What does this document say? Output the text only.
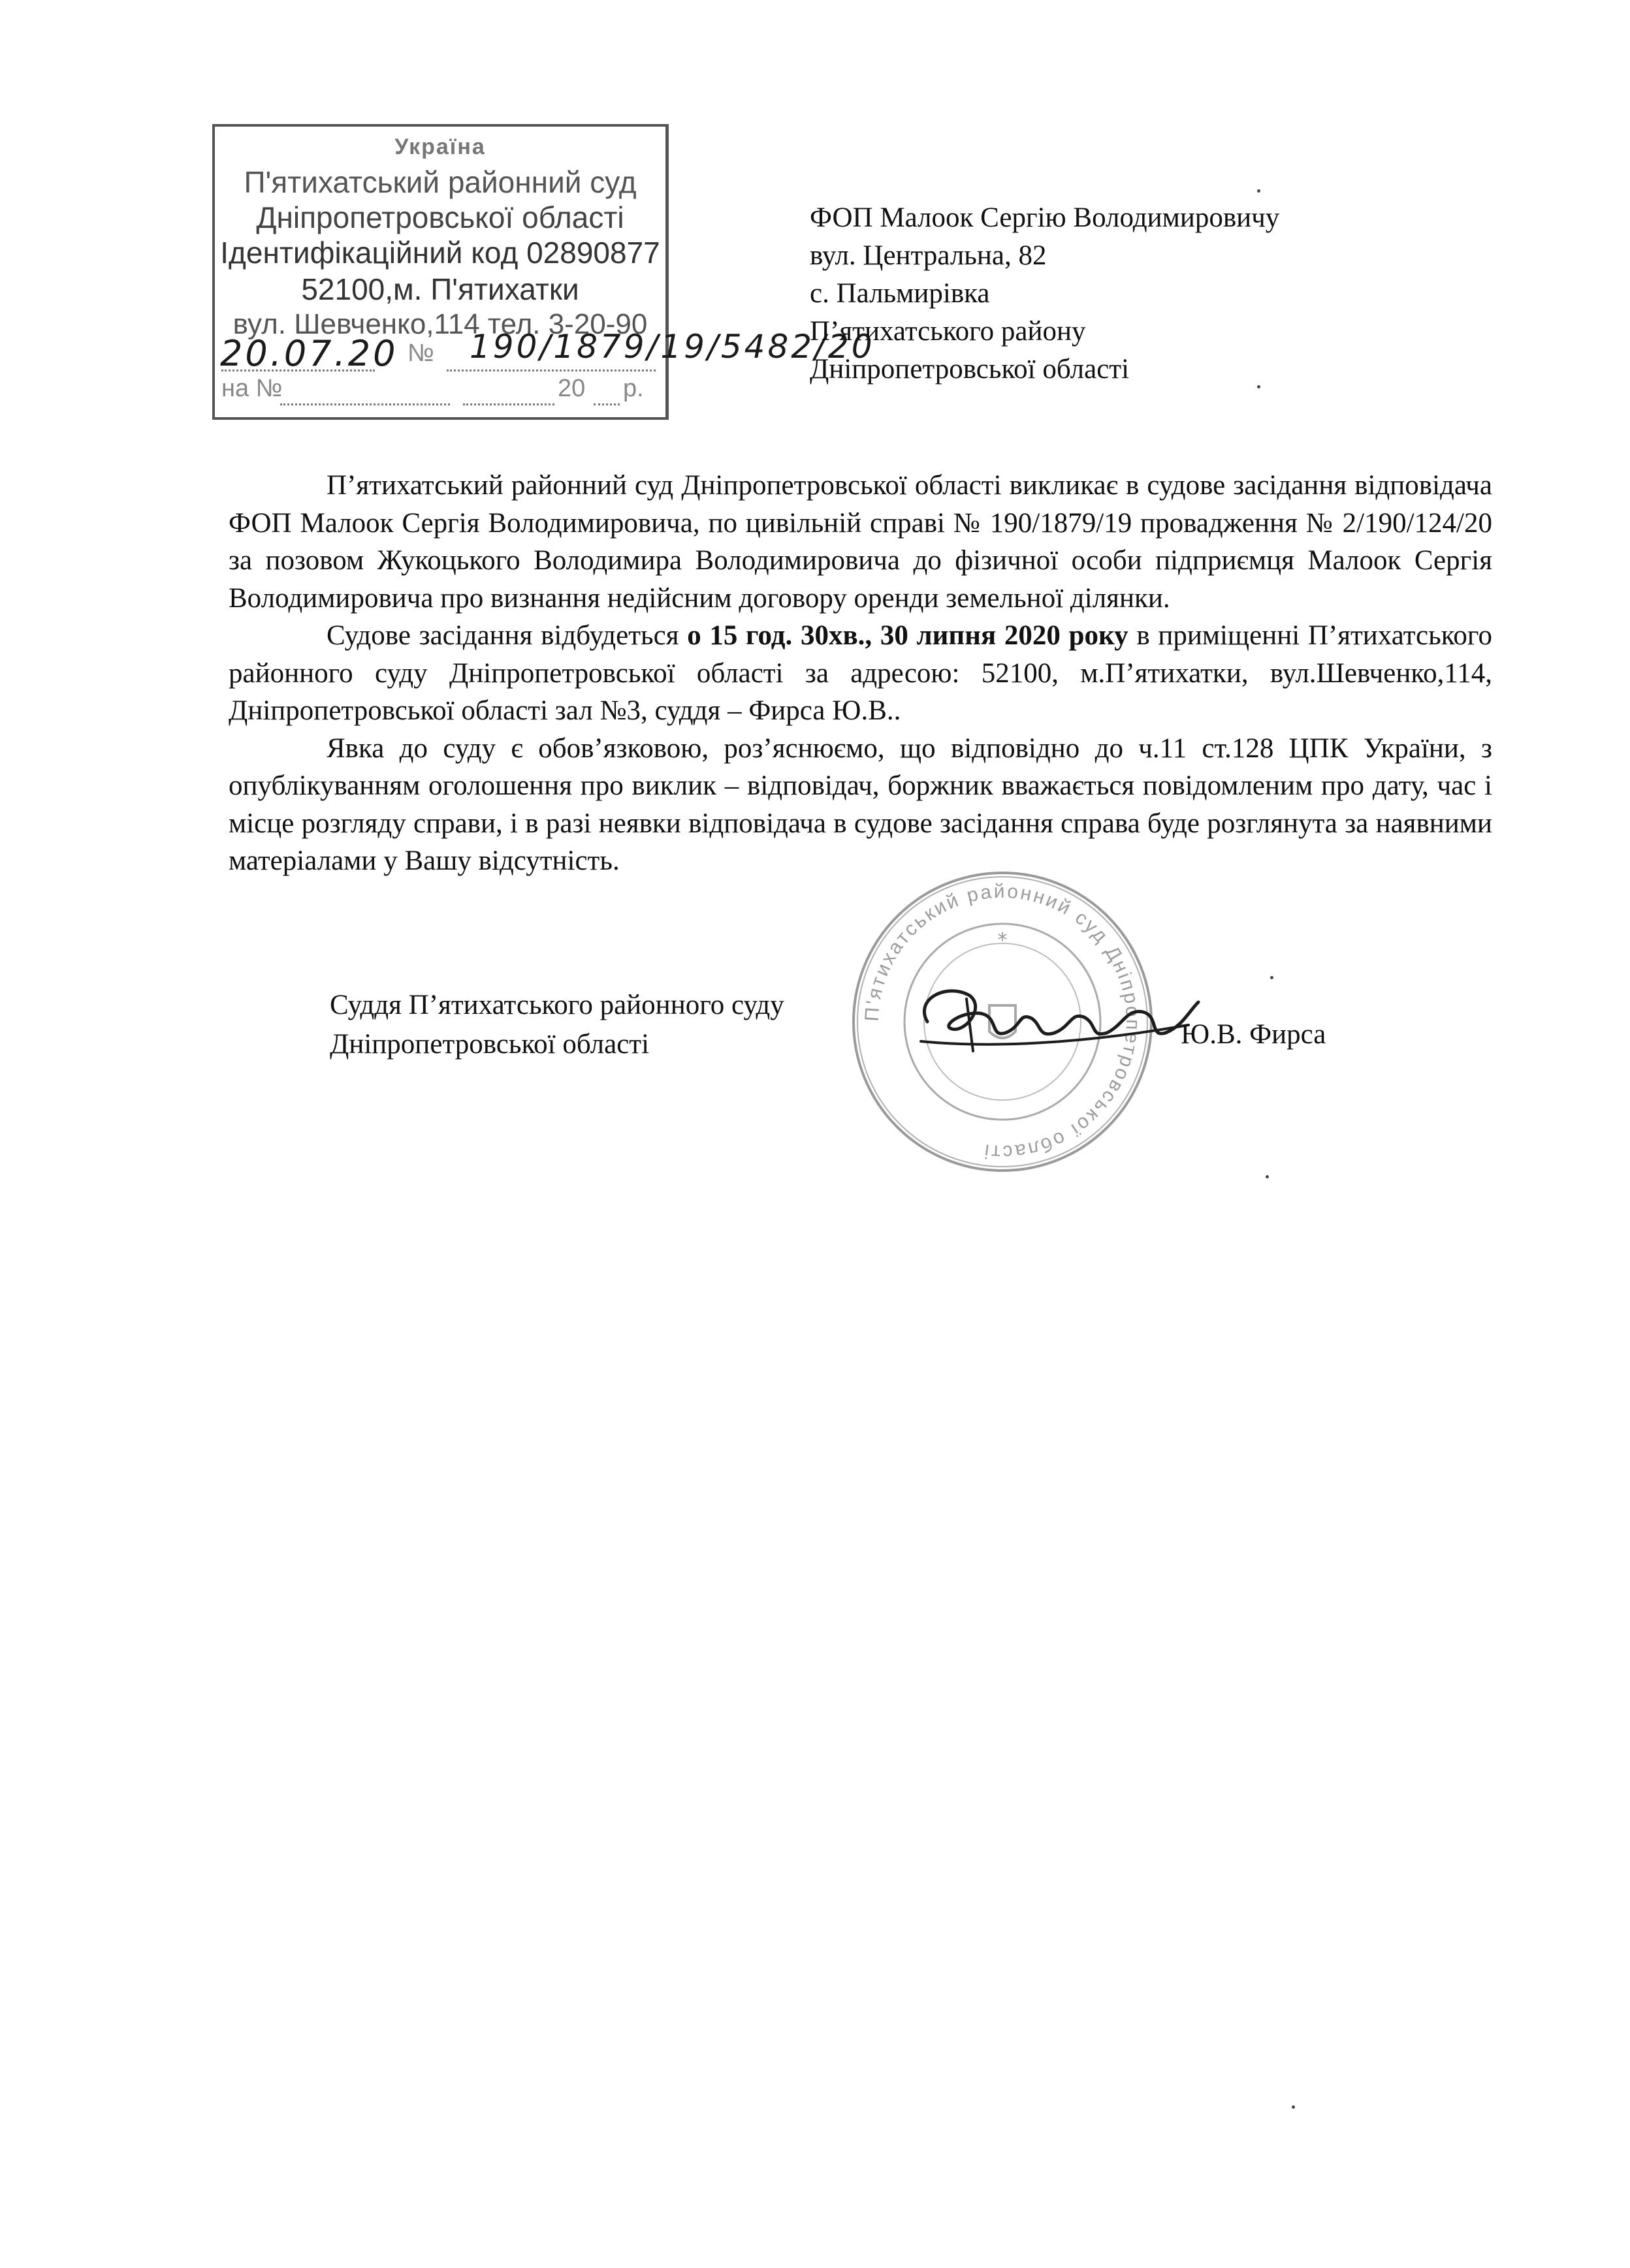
Україна
П'ятихатський районний суд
Дніпропетровської області
Ідентифікаційний код 02890877
52100,м. П'ятихатки
вул. Шевченко,114 тел. 3-20-90
№
20.07.20 190/1879/19/5482/20
на №	20 р.
ФОП Малоок Сергію Володимировичу
вул. Центральна, 82
с. Пальмирівка
П’ятихатського району
Дніпропетровської області

П’ятихатський районний суд Дніпропетровської області викликає в судове засідання відповідача ФОП Малоок Сергія Володимировича, по цивільній справі № 190/1879/19 провадження № 2/190/124/20 за позовом Жукоцького Володимира Володимировича до фізичної особи підприємця Малоок Сергія Володимировича про визнання недійсним договору оренди земельної ділянки.

Судове засідання відбудеться о 15 год. 30хв., 30 липня 2020 року в приміщенні П’ятихатського районного суду Дніпропетровської області за адресою: 52100, м.П’ятихатки, вул.Шевченко,114, Дніпропетровської області зал №3, суддя – Фирса Ю.В..

Явка до суду є обов’язковою, роз’яснюємо, що відповідно до ч.11 ст.128 ЦПК України, з опублікуванням оголошення про виклик – відповідач, боржник вважається повідомленим про дату, час і місце розгляду справи, і в разі неявки відповідача в судове засідання справа буде розглянута за наявними матеріалами у Вашу відсутність.

П'ятихатський районний суд Дніпропетровської області
*
Суддя П’ятихатського районного суду
Дніпропетровської області	Ю.В. Фирса
